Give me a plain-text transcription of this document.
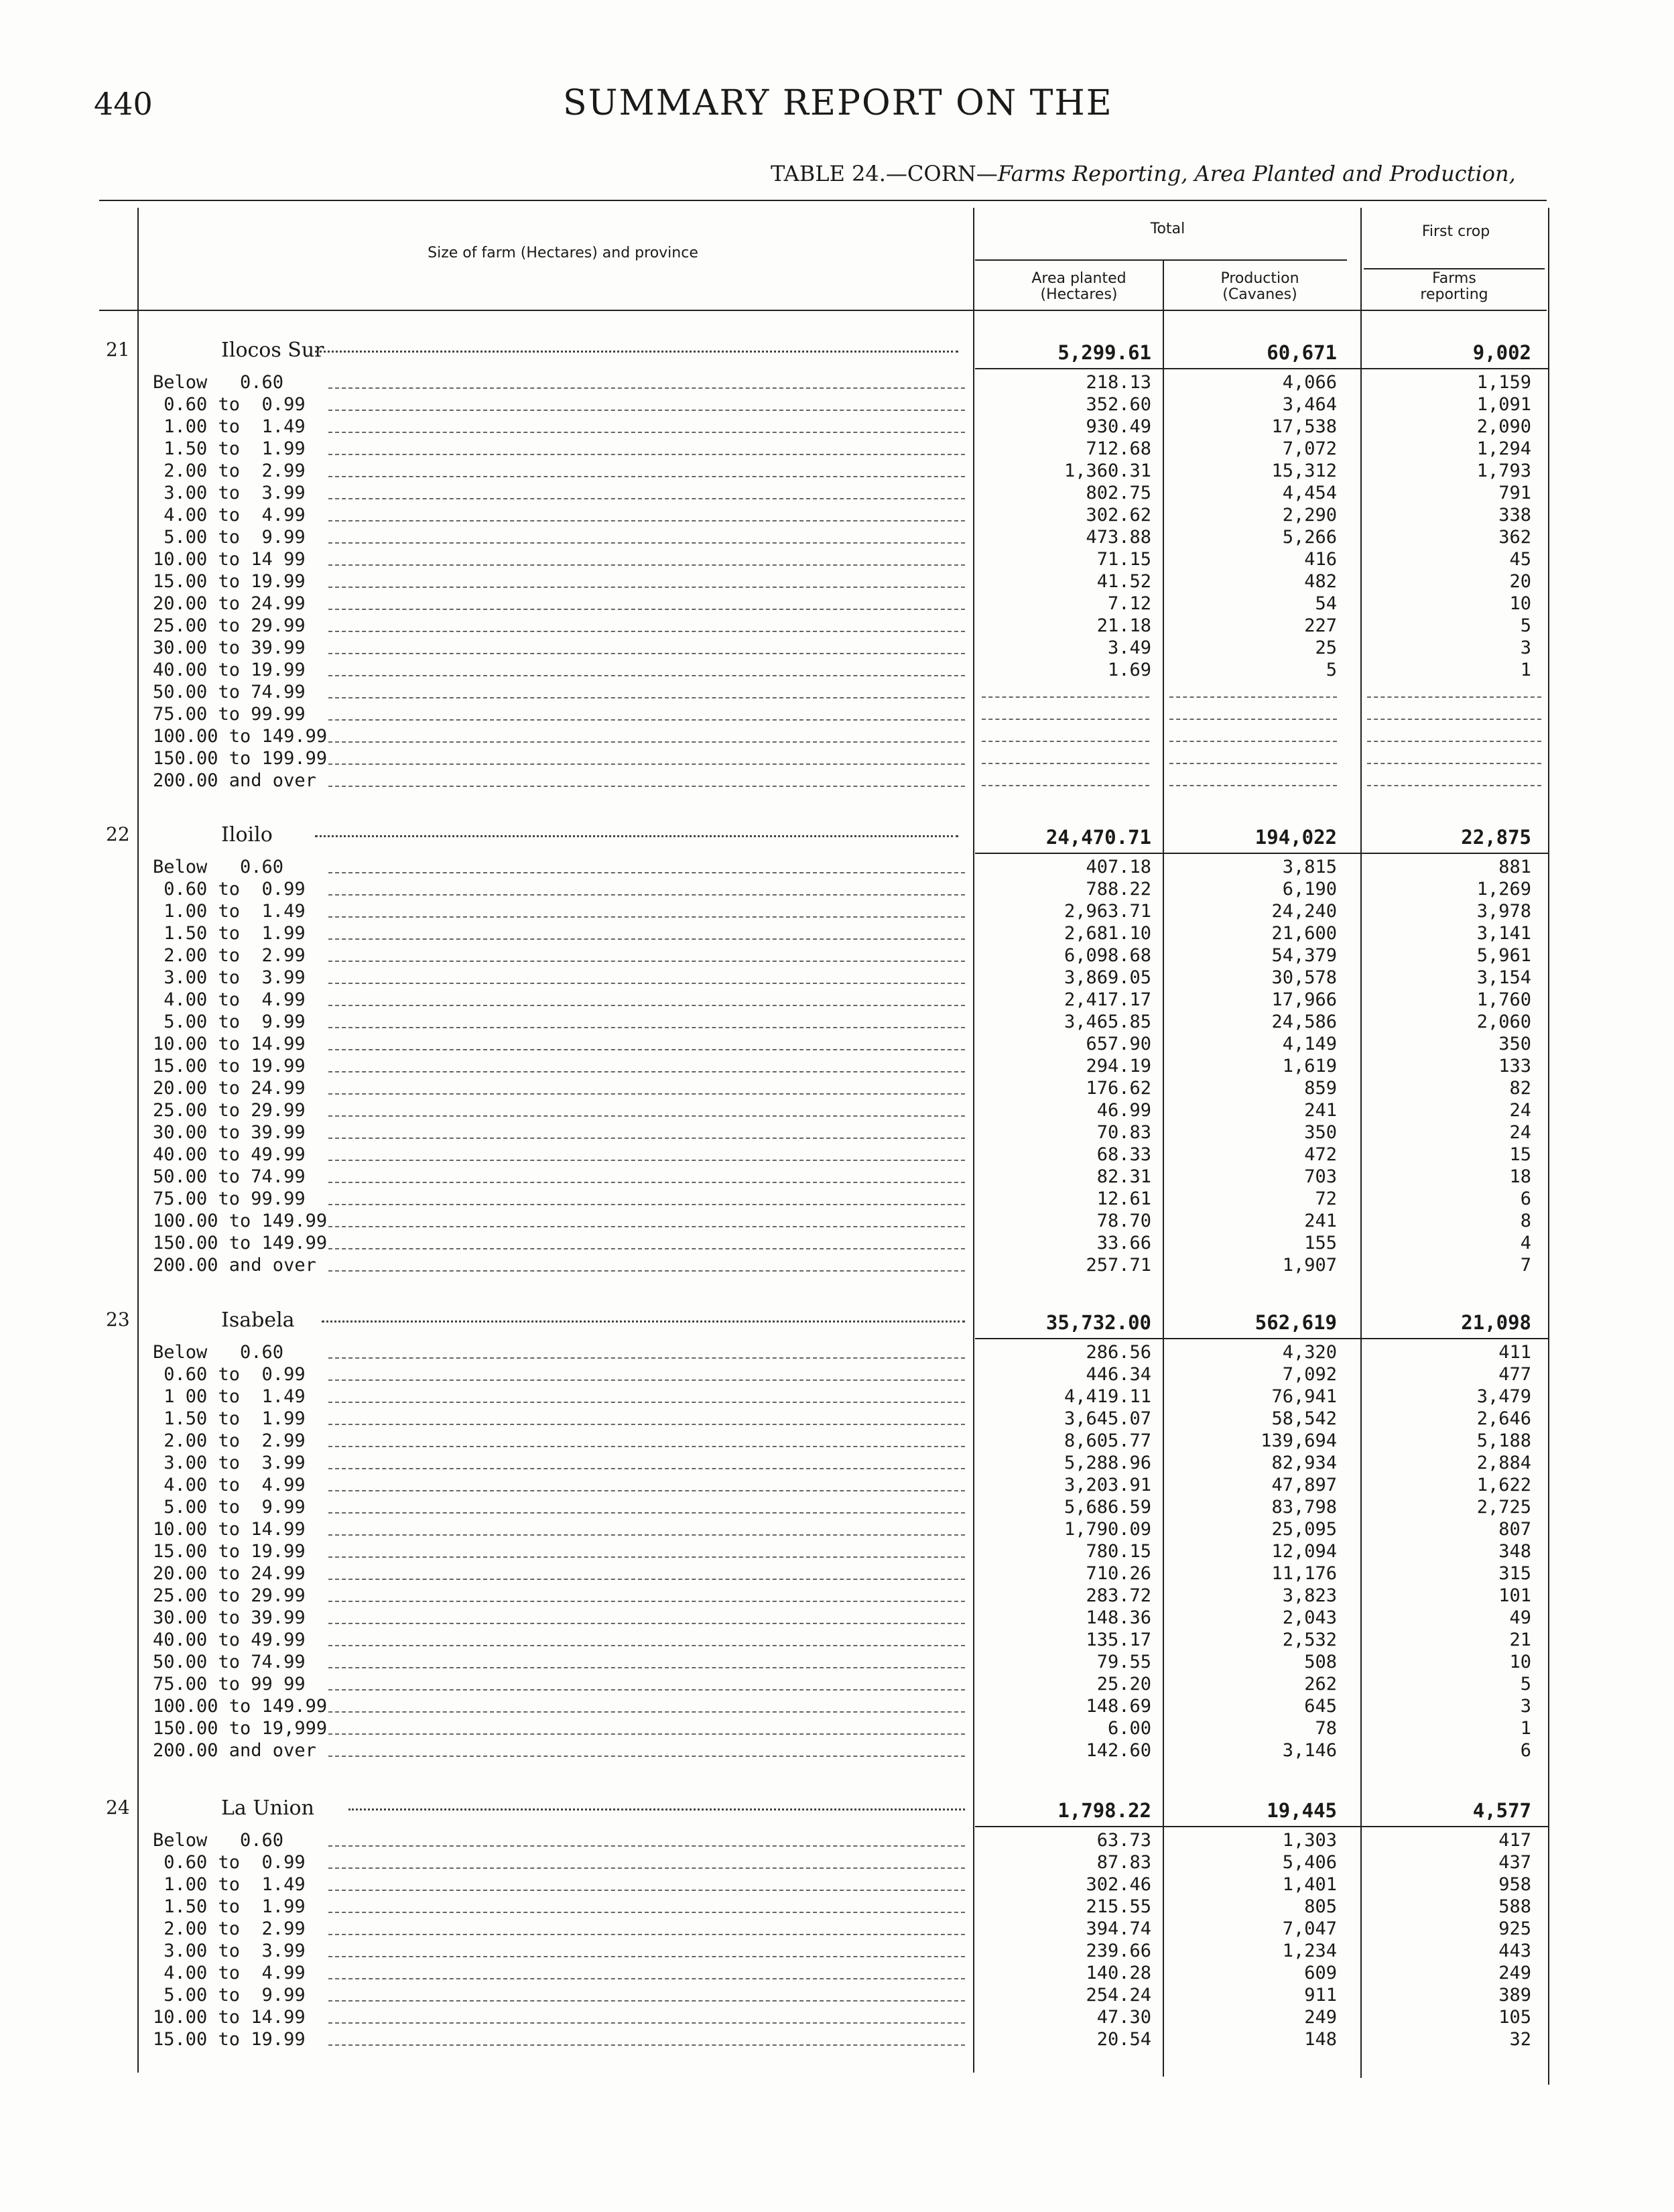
440	SUMMARY REPORT ON THE
TABLE 24.—CORN—Farms Reporting, Area Planted and Production,
Size of farm (Hectares) and province
Total	First crop
Area planted (Hectares)
Production (Cavanes)
Farms reporting
21	Ilocos Sur	5,299.61	60,671	9,002
Below   0.60	218.13	4,066	1,159
0.60 to  0.99	352.60	3,464	1,091
1.00 to  1.49	930.49	17,538	2,090
1.50 to  1.99	712.68	7,072	1,294
2.00 to  2.99	1,360.31	15,312	1,793
3.00 to  3.99	802.75	4,454	791
4.00 to  4.99	302.62	2,290	338
5.00 to  9.99	473.88	5,266	362
10.00 to 14 99	71.15	416	45
15.00 to 19.99	41.52	482	20
20.00 to 24.99	7.12	54	10
25.00 to 29.99	21.18	227	5
30.00 to 39.99	3.49	25	3
40.00 to 19.99	1.69	5	1
50.00 to 74.99
75.00 to 99.99
100.00 to 149.99
150.00 to 199.99
200.00 and over
22	Iloilo	24,470.71	194,022	22,875
Below   0.60	407.18	3,815	881
0.60 to  0.99	788.22	6,190	1,269
1.00 to  1.49	2,963.71	24,240	3,978
1.50 to  1.99	2,681.10	21,600	3,141
2.00 to  2.99	6,098.68	54,379	5,961
3.00 to  3.99	3,869.05	30,578	3,154
4.00 to  4.99	2,417.17	17,966	1,760
5.00 to  9.99	3,465.85	24,586	2,060
10.00 to 14.99	657.90	4,149	350
15.00 to 19.99	294.19	1,619	133
20.00 to 24.99	176.62	859	82
25.00 to 29.99	46.99	241	24
30.00 to 39.99	70.83	350	24
40.00 to 49.99	68.33	472	15
50.00 to 74.99	82.31	703	18
75.00 to 99.99	12.61	72	6
100.00 to 149.99	78.70	241	8
150.00 to 149.99	33.66	155	4
200.00 and over	257.71	1,907	7
23	Isabela	35,732.00	562,619	21,098
Below   0.60	286.56	4,320	411
0.60 to  0.99	446.34	7,092	477
1 00 to  1.49	4,419.11	76,941	3,479
1.50 to  1.99	3,645.07	58,542	2,646
2.00 to  2.99	8,605.77	139,694	5,188
3.00 to  3.99	5,288.96	82,934	2,884
4.00 to  4.99	3,203.91	47,897	1,622
5.00 to  9.99	5,686.59	83,798	2,725
10.00 to 14.99	1,790.09	25,095	807
15.00 to 19.99	780.15	12,094	348
20.00 to 24.99	710.26	11,176	315
25.00 to 29.99	283.72	3,823	101
30.00 to 39.99	148.36	2,043	49
40.00 to 49.99	135.17	2,532	21
50.00 to 74.99	79.55	508	10
75.00 to 99 99	25.20	262	5
100.00 to 149.99	148.69	645	3
150.00 to 19,999	6.00	78	1
200.00 and over	142.60	3,146	6
24	La Union	1,798.22	19,445	4,577
Below   0.60	63.73	1,303	417
0.60 to  0.99	87.83	5,406	437
1.00 to  1.49	302.46	1,401	958
1.50 to  1.99	215.55	805	588
2.00 to  2.99	394.74	7,047	925
3.00 to  3.99	239.66	1,234	443
4.00 to  4.99	140.28	609	249
5.00 to  9.99	254.24	911	389
10.00 to 14.99	47.30	249	105
15.00 to 19.99	20.54	148	32
